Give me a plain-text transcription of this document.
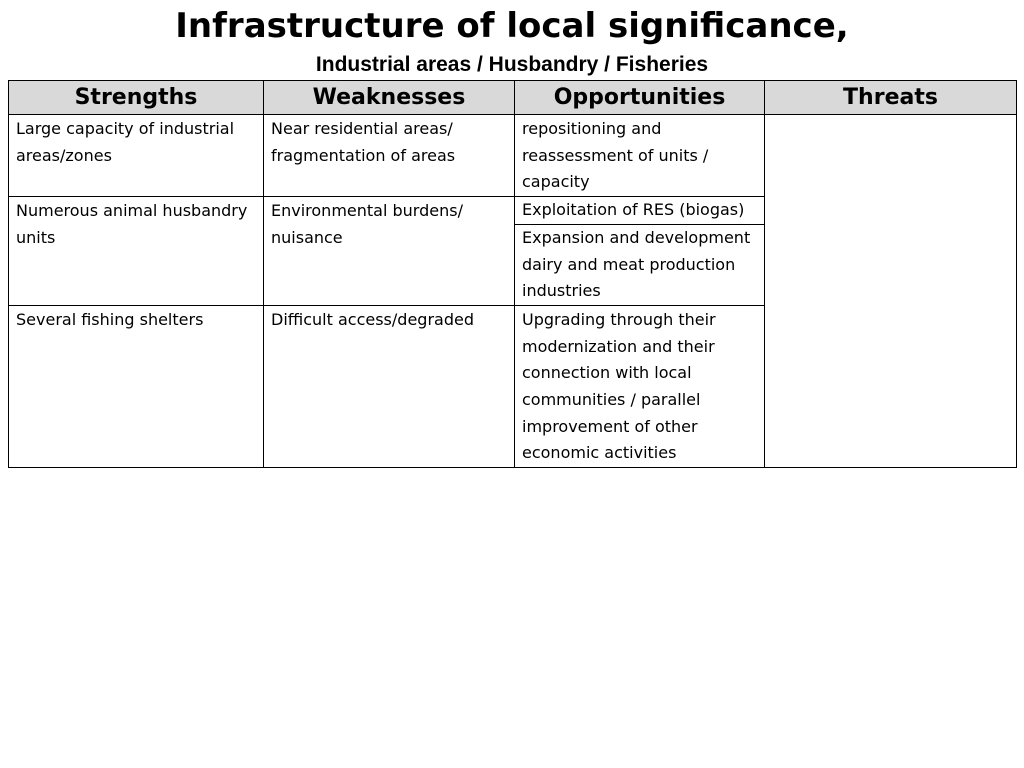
Infrastructure of local significance,
Industrial areas / Husbandry / Fisheries
Strengths	Weaknesses	Opportunities	Threats
Large capacity of industrial areas/zones	Near residential areas/ fragmentation of areas	repositioning and reassessment of units / capacity	
Numerous animal husbandry units	Environmental burdens/ nuisance	Exploitation of RES (biogas)	
		Expansion and development dairy and meat production industries	
Several fishing shelters	Difficult access/degraded	Upgrading through their modernization and their connection with local communities / parallel improvement of other economic activities	
